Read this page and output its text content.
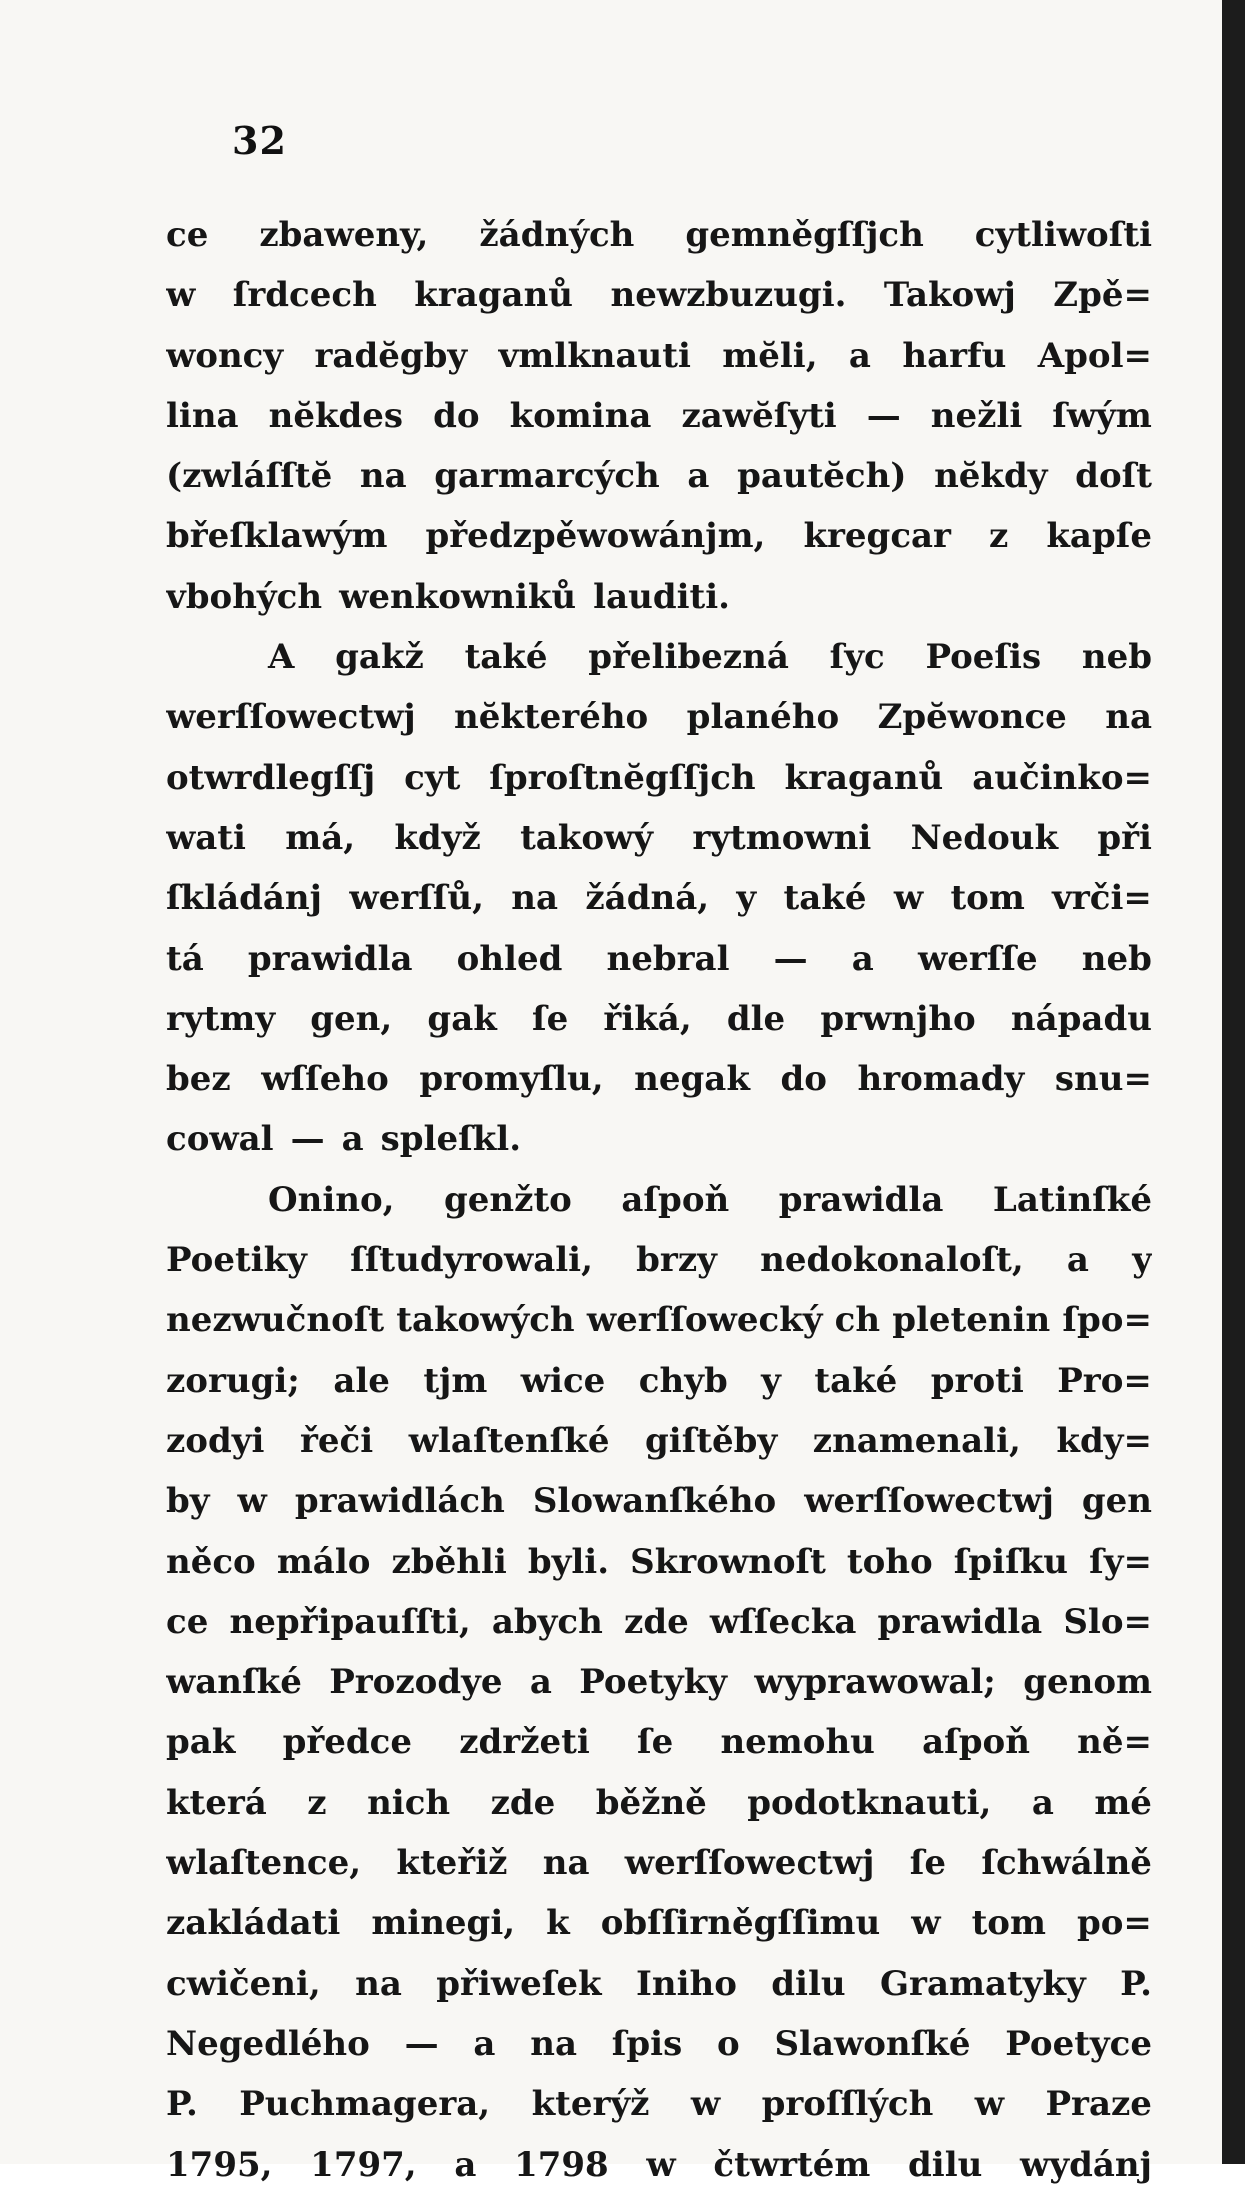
32
ce zbaweny, žádných gemněgſſjch cytliwoſti
w ſrdcech kraganů newzbuzugi. Takowj Zpě=
woncy radĕgby vmlknauti mĕli, a harfu Apol=
lina nĕkdes do komina zawĕſyti — nežli ſwým
(zwláſſtĕ na garmarcých a pautĕch) nĕkdy doſt
břeſklawým předzpěwowánjm, kregcar z kapſe
vbohých wenkowniků lauditi.
A gakž také přelibezná ſyc Poeſis neb
werſſowectwj nĕkterého planého Zpĕwonce na
otwrdlegſſj cyt ſproſtnĕgſſjch kraganů aučinko=
wati má, když takowý rytmowni Nedouk při
ſkládánj werſſů, na žádná, y také w tom vrči=
tá prawidla ohled nebral — a werſſe neb
rytmy gen, gak ſe řiká, dle prwnjho nápadu
bez wſſeho promyſlu, negak do hromady snu=
cowal — a spleſkl.
Onino, genžto aſpoň prawidla Latinſké
Poetiky ſſtudyrowali, brzy nedokonaloſt, a y
nezwučnoſt takowých werſſowecký ch pletenin ſpo=
zorugi; ale tjm wice chyb y také proti Pro=
zodyi řeči wlaſtenſké giſtěby znamenali, kdy=
by w prawidlách Slowanſkého werſſowectwj gen
něco málo zběhli byli. Skrownoſt toho ſpiſku ſy=
ce nepřipauſſti, abych zde wſſecka prawidla Slo=
wanſké Prozodye a Poetyky wyprawowal; genom
pak předce zdržeti ſe nemohu aſpoň ně=
která z nich zde běžně podotknauti, a mé
wlaſtence, kteřiž na werſſowectwj ſe ſchwálně
zakládati minegi, k obſſirněgſſimu w tom po=
cwičeni, na přiweſek Iniho dilu Gramatyky P.
Negedlého — a na ſpis o Slawonſké Poetyce
P. Puchmagera, kterýž w proſſlých w Praze
1795, 1797, a 1798 w čtwrtém dilu wydánj
